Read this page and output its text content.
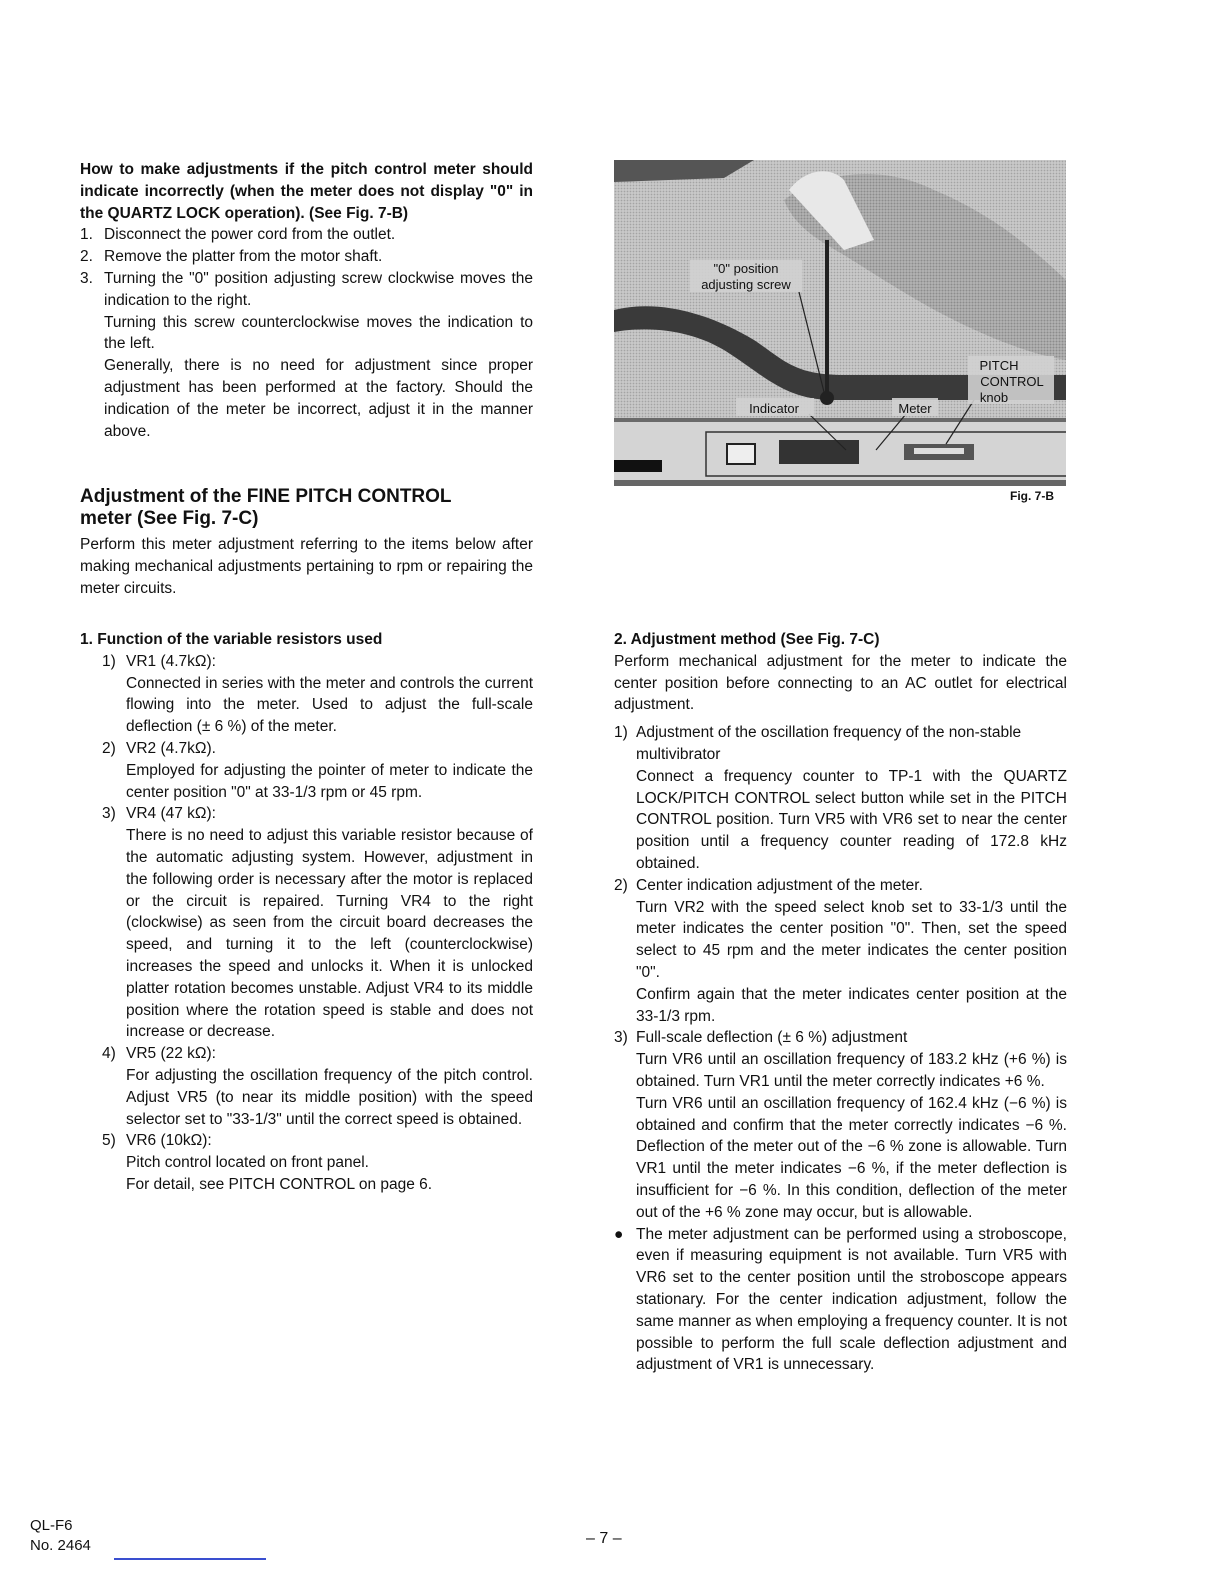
How to make adjustments if the pitch control meter should indicate incorrectly (when the meter does not display "0" in the QUARTZ LOCK operation). (See Fig. 7-B)

1. Disconnect the power cord from the outlet.
2. Remove the platter from the motor shaft.
3. Turning the "0" position adjusting screw clockwise moves the indication to the right.

Turning this screw counterclockwise moves the indication to the left.

Generally, there is no need for adjustment since proper adjustment has been performed at the factory. Should the indication of the meter be incorrect, adjust it in the manner above.

Adjustment of the FINE PITCH CONTROL
meter (See Fig. 7-C)

Perform this meter adjustment referring to the items below after making mechanical adjustments pertaining to rpm or repairing the meter circuits.

"0" position
adjusting screw
Indicator	Meter
PITCH
CONTROL
knob
Fig. 7-B

1. Function of the variable resistors used

1) VR1 (4.7kΩ):

Connected in series with the meter and controls the current flowing into the meter. Used to adjust the full-scale deflection (± 6 %) of the meter.

2) VR2 (4.7kΩ).

Employed for adjusting the pointer of meter to indicate the center position "0" at 33-1/3 rpm or 45 rpm.

3) VR4 (47 kΩ):

There is no need to adjust this variable resistor because of the automatic adjusting system. However, adjustment in the following order is necessary after the motor is replaced or the circuit is repaired. Turning VR4 to the right (clockwise) as seen from the circuit board decreases the speed, and turning it to the left (counterclockwise) increases the speed and unlocks it. When it is unlocked platter rotation becomes unstable. Adjust VR4 to its middle position where the rotation speed is stable and does not increase or decrease.

4) VR5 (22 kΩ):

For adjusting the oscillation frequency of the pitch control. Adjust VR5 (to near its middle position) with the speed selector set to "33-1/3" until the correct speed is obtained.

5) VR6 (10kΩ):

Pitch control located on front panel.

For detail, see PITCH CONTROL on page 6.

2. Adjustment method (See Fig. 7-C)

Perform mechanical adjustment for the meter to indicate the center position before connecting to an AC outlet for electrical adjustment.

1) Adjustment of the oscillation frequency of the non-stable multivibrator

Connect a frequency counter to TP-1 with the QUARTZ LOCK/PITCH CONTROL select button while set in the PITCH CONTROL position. Turn VR5 with VR6 set to near the center position until a frequency counter reading of 172.8 kHz obtained.

2) Center indication adjustment of the meter.

Turn VR2 with the speed select knob set to 33-1/3 until the meter indicates the center position "0". Then, set the speed select to 45 rpm and the meter indicates the center position "0".

Confirm again that the meter indicates center position at the 33-1/3 rpm.

3) Full-scale deflection (± 6 %) adjustment

Turn VR6 until an oscillation frequency of 183.2 kHz (+6 %) is obtained. Turn VR1 until the meter correctly indicates +6 %.

Turn VR6 until an oscillation frequency of 162.4 kHz (−6 %) is obtained and confirm that the meter correctly indicates −6 %. Deflection of the meter out of the −6 % zone is allowable. Turn VR1 until the meter indicates −6 %, if the meter deflection is insufficient for −6 %. In this condition, deflection of the meter out of the +6 % zone may occur, but is allowable.

● The meter adjustment can be performed using a stroboscope, even if measuring equipment is not available. Turn VR5 with VR6 set to the center position until the stroboscope appears stationary. For the center indication adjustment, follow the same manner as when employing a frequency counter. It is not possible to perform the full scale deflection adjustment and adjustment of VR1 is unnecessary.

QL-F6
No. 2464	– 7 –
